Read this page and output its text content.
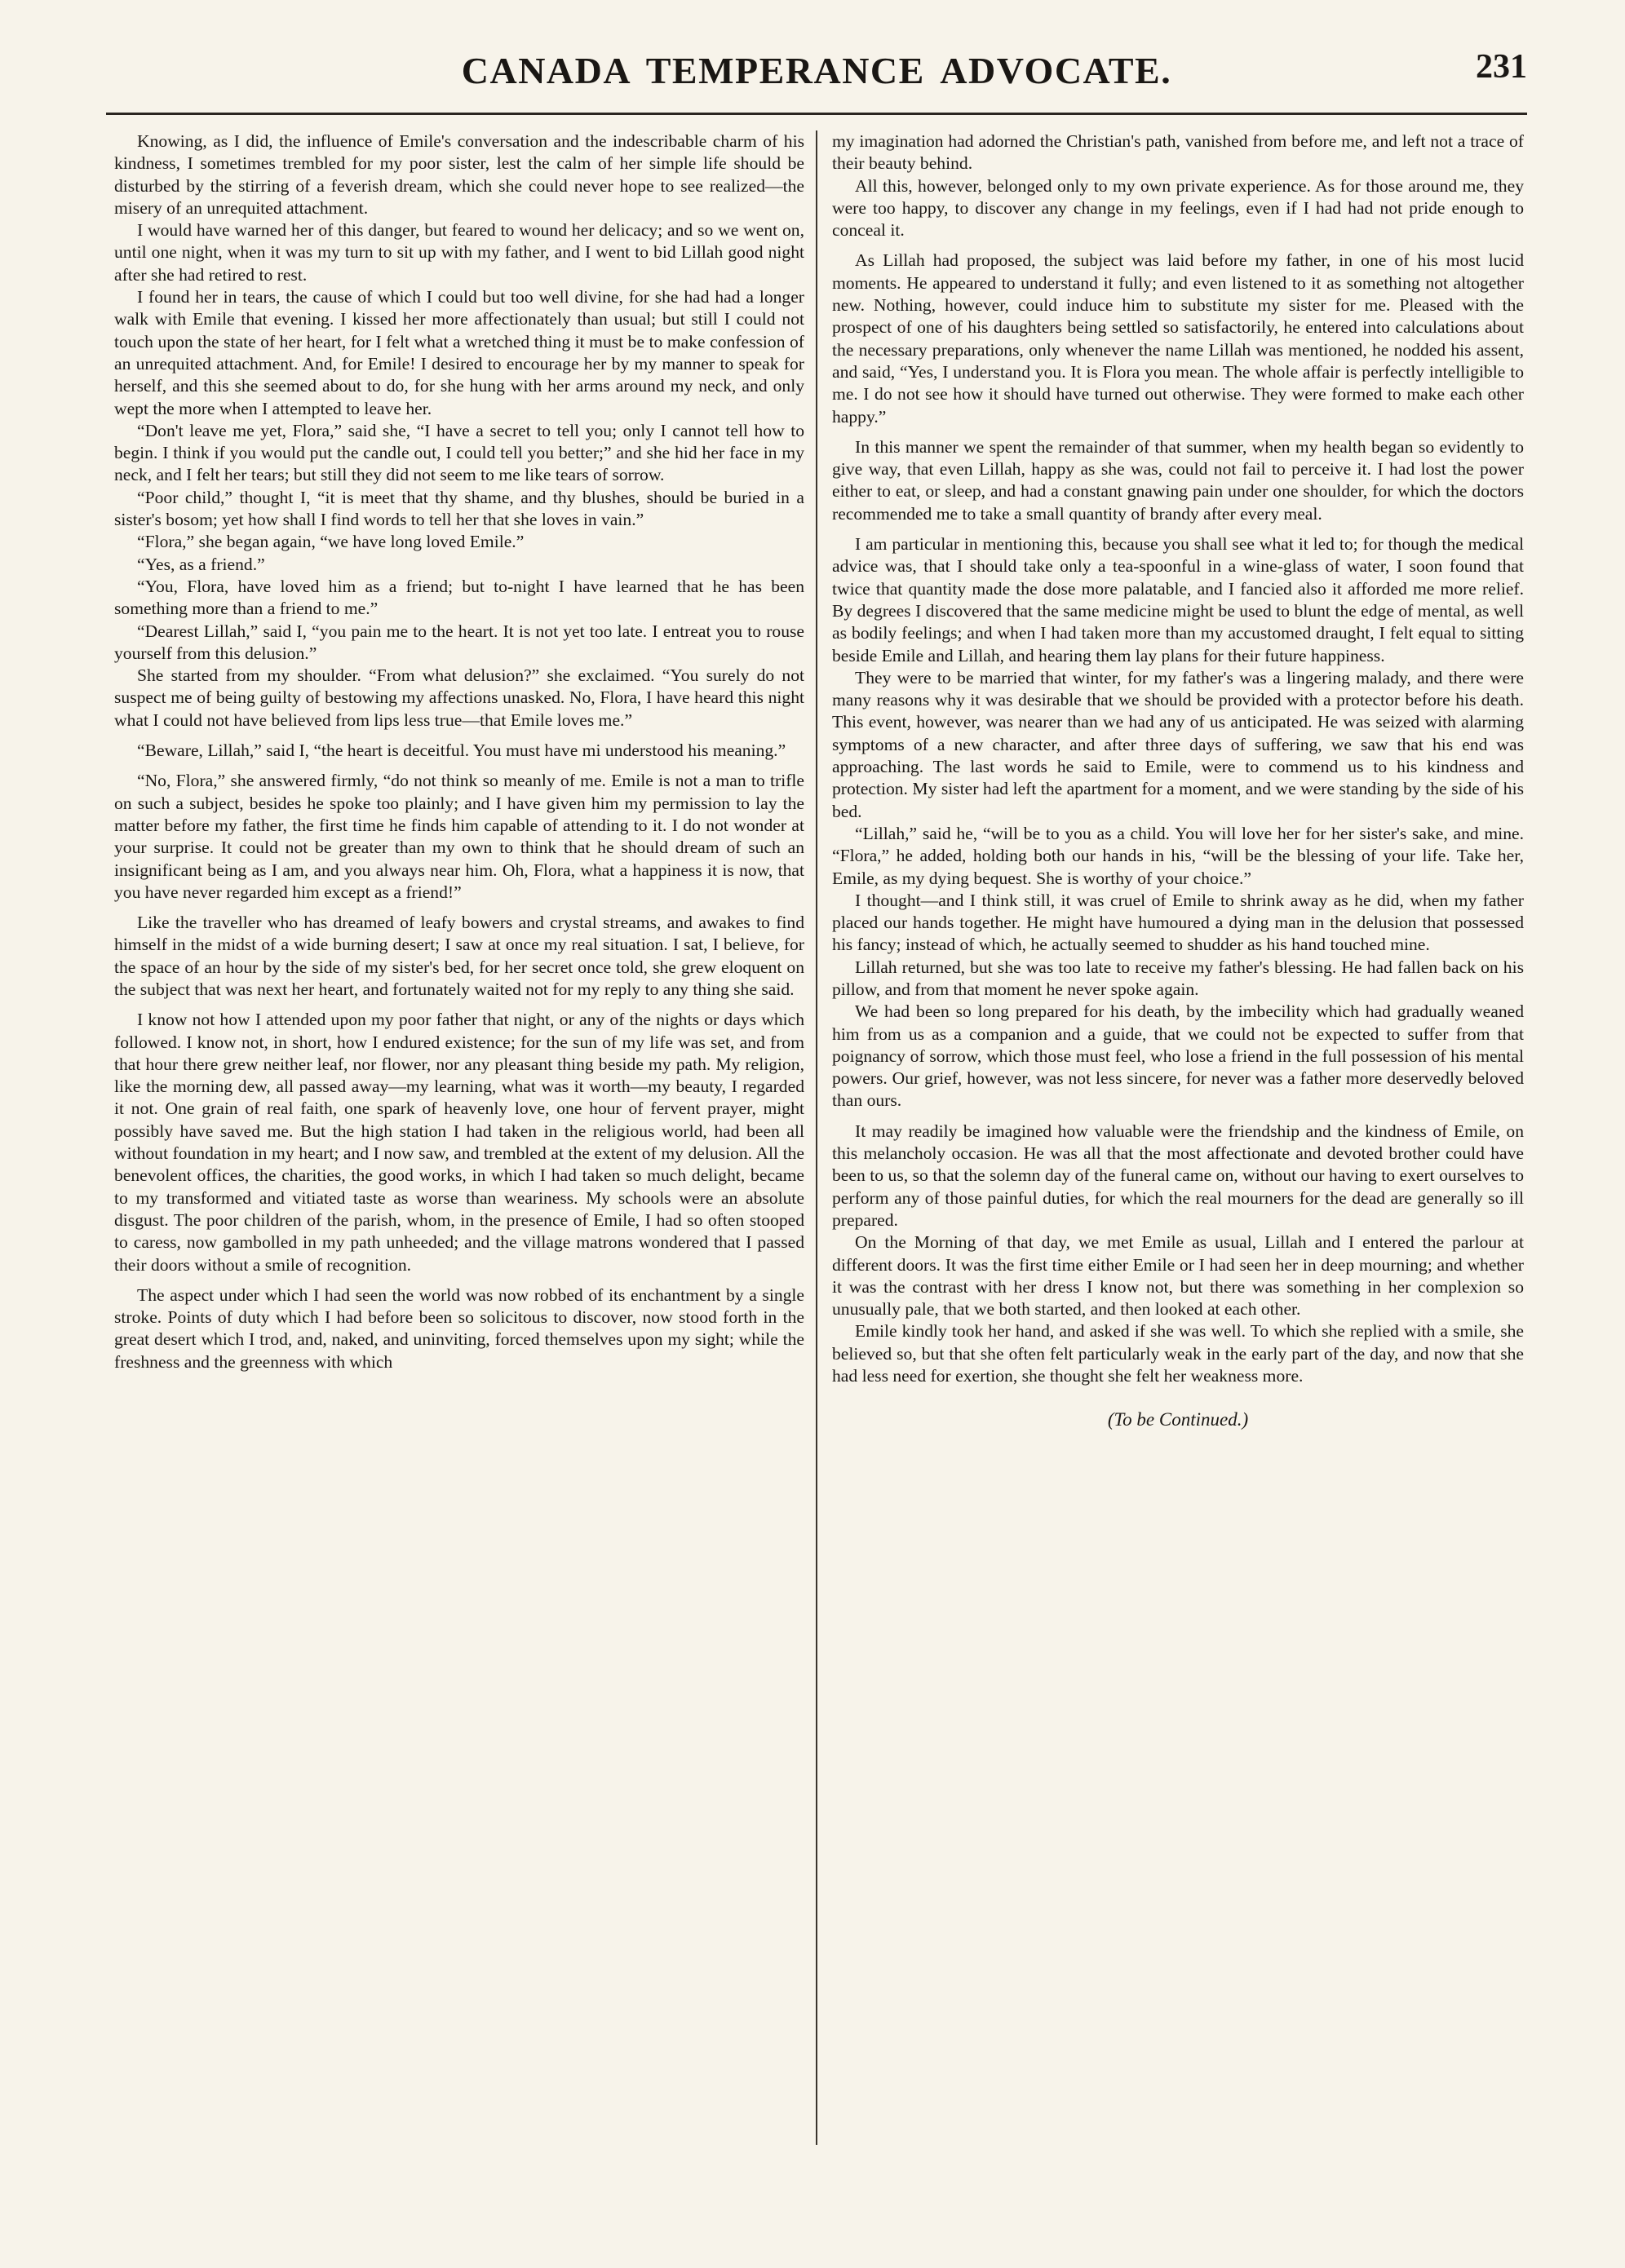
CANADA TEMPERANCE ADVOCATE.	231

Knowing, as I did, the influence of Emile's conversation and the indescribable charm of his kindness, I sometimes trembled for my poor sister, lest the calm of her simple life should be disturbed by the stirring of a feverish dream, which she could never hope to see realized—the misery of an unrequited attachment.

I would have warned her of this danger, but feared to wound her delicacy; and so we went on, until one night, when it was my turn to sit up with my father, and I went to bid Lillah good night after she had retired to rest.

I found her in tears, the cause of which I could but too well divine, for she had had a longer walk with Emile that evening. I kissed her more affectionately than usual; but still I could not touch upon the state of her heart, for I felt what a wretched thing it must be to make confession of an unrequited attachment. And, for Emile! I desired to encourage her by my manner to speak for herself, and this she seemed about to do, for she hung with her arms around my neck, and only wept the more when I attempted to leave her.

“Don't leave me yet, Flora,” said she, “I have a secret to tell you; only I cannot tell how to begin. I think if you would put the candle out, I could tell you better;” and she hid her face in my neck, and I felt her tears; but still they did not seem to me like tears of sorrow.

“Poor child,” thought I, “it is meet that thy shame, and thy blushes, should be buried in a sister's bosom; yet how shall I find words to tell her that she loves in vain.”

“Flora,” she began again, “we have long loved Emile.”

“Yes, as a friend.”

“You, Flora, have loved him as a friend; but to-night I have learned that he has been something more than a friend to me.”

“Dearest Lillah,” said I, “you pain me to the heart. It is not yet too late. I entreat you to rouse yourself from this delusion.”

She started from my shoulder. “From what delusion?” she exclaimed. “You surely do not suspect me of being guilty of bestowing my affections unasked. No, Flora, I have heard this night what I could not have believed from lips less true—that Emile loves me.”

“Beware, Lillah,” said I, “the heart is deceitful. You must have mi understood his meaning.”

“No, Flora,” she answered firmly, “do not think so meanly of me. Emile is not a man to trifle on such a subject, besides he spoke too plainly; and I have given him my permission to lay the matter before my father, the first time he finds him capable of attending to it. I do not wonder at your surprise. It could not be greater than my own to think that he should dream of such an insignificant being as I am, and you always near him. Oh, Flora, what a happiness it is now, that you have never regarded him except as a friend!”

Like the traveller who has dreamed of leafy bowers and crystal streams, and awakes to find himself in the midst of a wide burning desert; I saw at once my real situation. I sat, I believe, for the space of an hour by the side of my sister's bed, for her secret once told, she grew eloquent on the subject that was next her heart, and fortunately waited not for my reply to any thing she said.

I know not how I attended upon my poor father that night, or any of the nights or days which followed. I know not, in short, how I endured existence; for the sun of my life was set, and from that hour there grew neither leaf, nor flower, nor any pleasant thing beside my path. My religion, like the morning dew, all passed away—my learning, what was it worth—my beauty, I regarded it not. One grain of real faith, one spark of heavenly love, one hour of fervent prayer, might possibly have saved me. But the high station I had taken in the religious world, had been all without foundation in my heart; and I now saw, and trembled at the extent of my delusion. All the benevolent offices, the charities, the good works, in which I had taken so much delight, became to my transformed and vitiated taste as worse than weariness. My schools were an absolute disgust. The poor children of the parish, whom, in the presence of Emile, I had so often stooped to caress, now gambolled in my path unheeded; and the village matrons wondered that I passed their doors without a smile of recognition.

The aspect under which I had seen the world was now robbed of its enchantment by a single stroke. Points of duty which I had before been so solicitous to discover, now stood forth in the great desert which I trod, and, naked, and uninviting, forced themselves upon my sight; while the freshness and the greenness with which

my imagination had adorned the Christian's path, vanished from before me, and left not a trace of their beauty behind.

All this, however, belonged only to my own private experience. As for those around me, they were too happy, to discover any change in my feelings, even if I had had not pride enough to conceal it.

As Lillah had proposed, the subject was laid before my father, in one of his most lucid moments. He appeared to understand it fully; and even listened to it as something not altogether new. Nothing, however, could induce him to substitute my sister for me. Pleased with the prospect of one of his daughters being settled so satisfactorily, he entered into calculations about the necessary preparations, only whenever the name Lillah was mentioned, he nodded his assent, and said, “Yes, I understand you. It is Flora you mean. The whole affair is perfectly intelligible to me. I do not see how it should have turned out otherwise. They were formed to make each other happy.”

In this manner we spent the remainder of that summer, when my health began so evidently to give way, that even Lillah, happy as she was, could not fail to perceive it. I had lost the power either to eat, or sleep, and had a constant gnawing pain under one shoulder, for which the doctors recommended me to take a small quantity of brandy after every meal.

I am particular in mentioning this, because you shall see what it led to; for though the medical advice was, that I should take only a tea-spoonful in a wine-glass of water, I soon found that twice that quantity made the dose more palatable, and I fancied also it afforded me more relief. By degrees I discovered that the same medicine might be used to blunt the edge of mental, as well as bodily feelings; and when I had taken more than my accustomed draught, I felt equal to sitting beside Emile and Lillah, and hearing them lay plans for their future happiness.

They were to be married that winter, for my father's was a lingering malady, and there were many reasons why it was desirable that we should be provided with a protector before his death. This event, however, was nearer than we had any of us anticipated. He was seized with alarming symptoms of a new character, and after three days of suffering, we saw that his end was approaching. The last words he said to Emile, were to commend us to his kindness and protection. My sister had left the apartment for a moment, and we were standing by the side of his bed.

“Lillah,” said he, “will be to you as a child. You will love her for her sister's sake, and mine. “Flora,” he added, holding both our hands in his, “will be the blessing of your life. Take her, Emile, as my dying bequest. She is worthy of your choice.”

I thought—and I think still, it was cruel of Emile to shrink away as he did, when my father placed our hands together. He might have humoured a dying man in the delusion that possessed his fancy; instead of which, he actually seemed to shudder as his hand touched mine.

Lillah returned, but she was too late to receive my father's blessing. He had fallen back on his pillow, and from that moment he never spoke again.

We had been so long prepared for his death, by the imbecility which had gradually weaned him from us as a companion and a guide, that we could not be expected to suffer from that poignancy of sorrow, which those must feel, who lose a friend in the full possession of his mental powers. Our grief, however, was not less sincere, for never was a father more deservedly beloved than ours.

It may readily be imagined how valuable were the friendship and the kindness of Emile, on this melancholy occasion. He was all that the most affectionate and devoted brother could have been to us, so that the solemn day of the funeral came on, without our having to exert ourselves to perform any of those painful duties, for which the real mourners for the dead are generally so ill prepared.

On the Morning of that day, we met Emile as usual, Lillah and I entered the parlour at different doors. It was the first time either Emile or I had seen her in deep mourning; and whether it was the contrast with her dress I know not, but there was something in her complexion so unusually pale, that we both started, and then looked at each other.

Emile kindly took her hand, and asked if she was well. To which she replied with a smile, she believed so, but that she often felt particularly weak in the early part of the day, and now that she had less need for exertion, she thought she felt her weakness more.

(To be Continued.)
